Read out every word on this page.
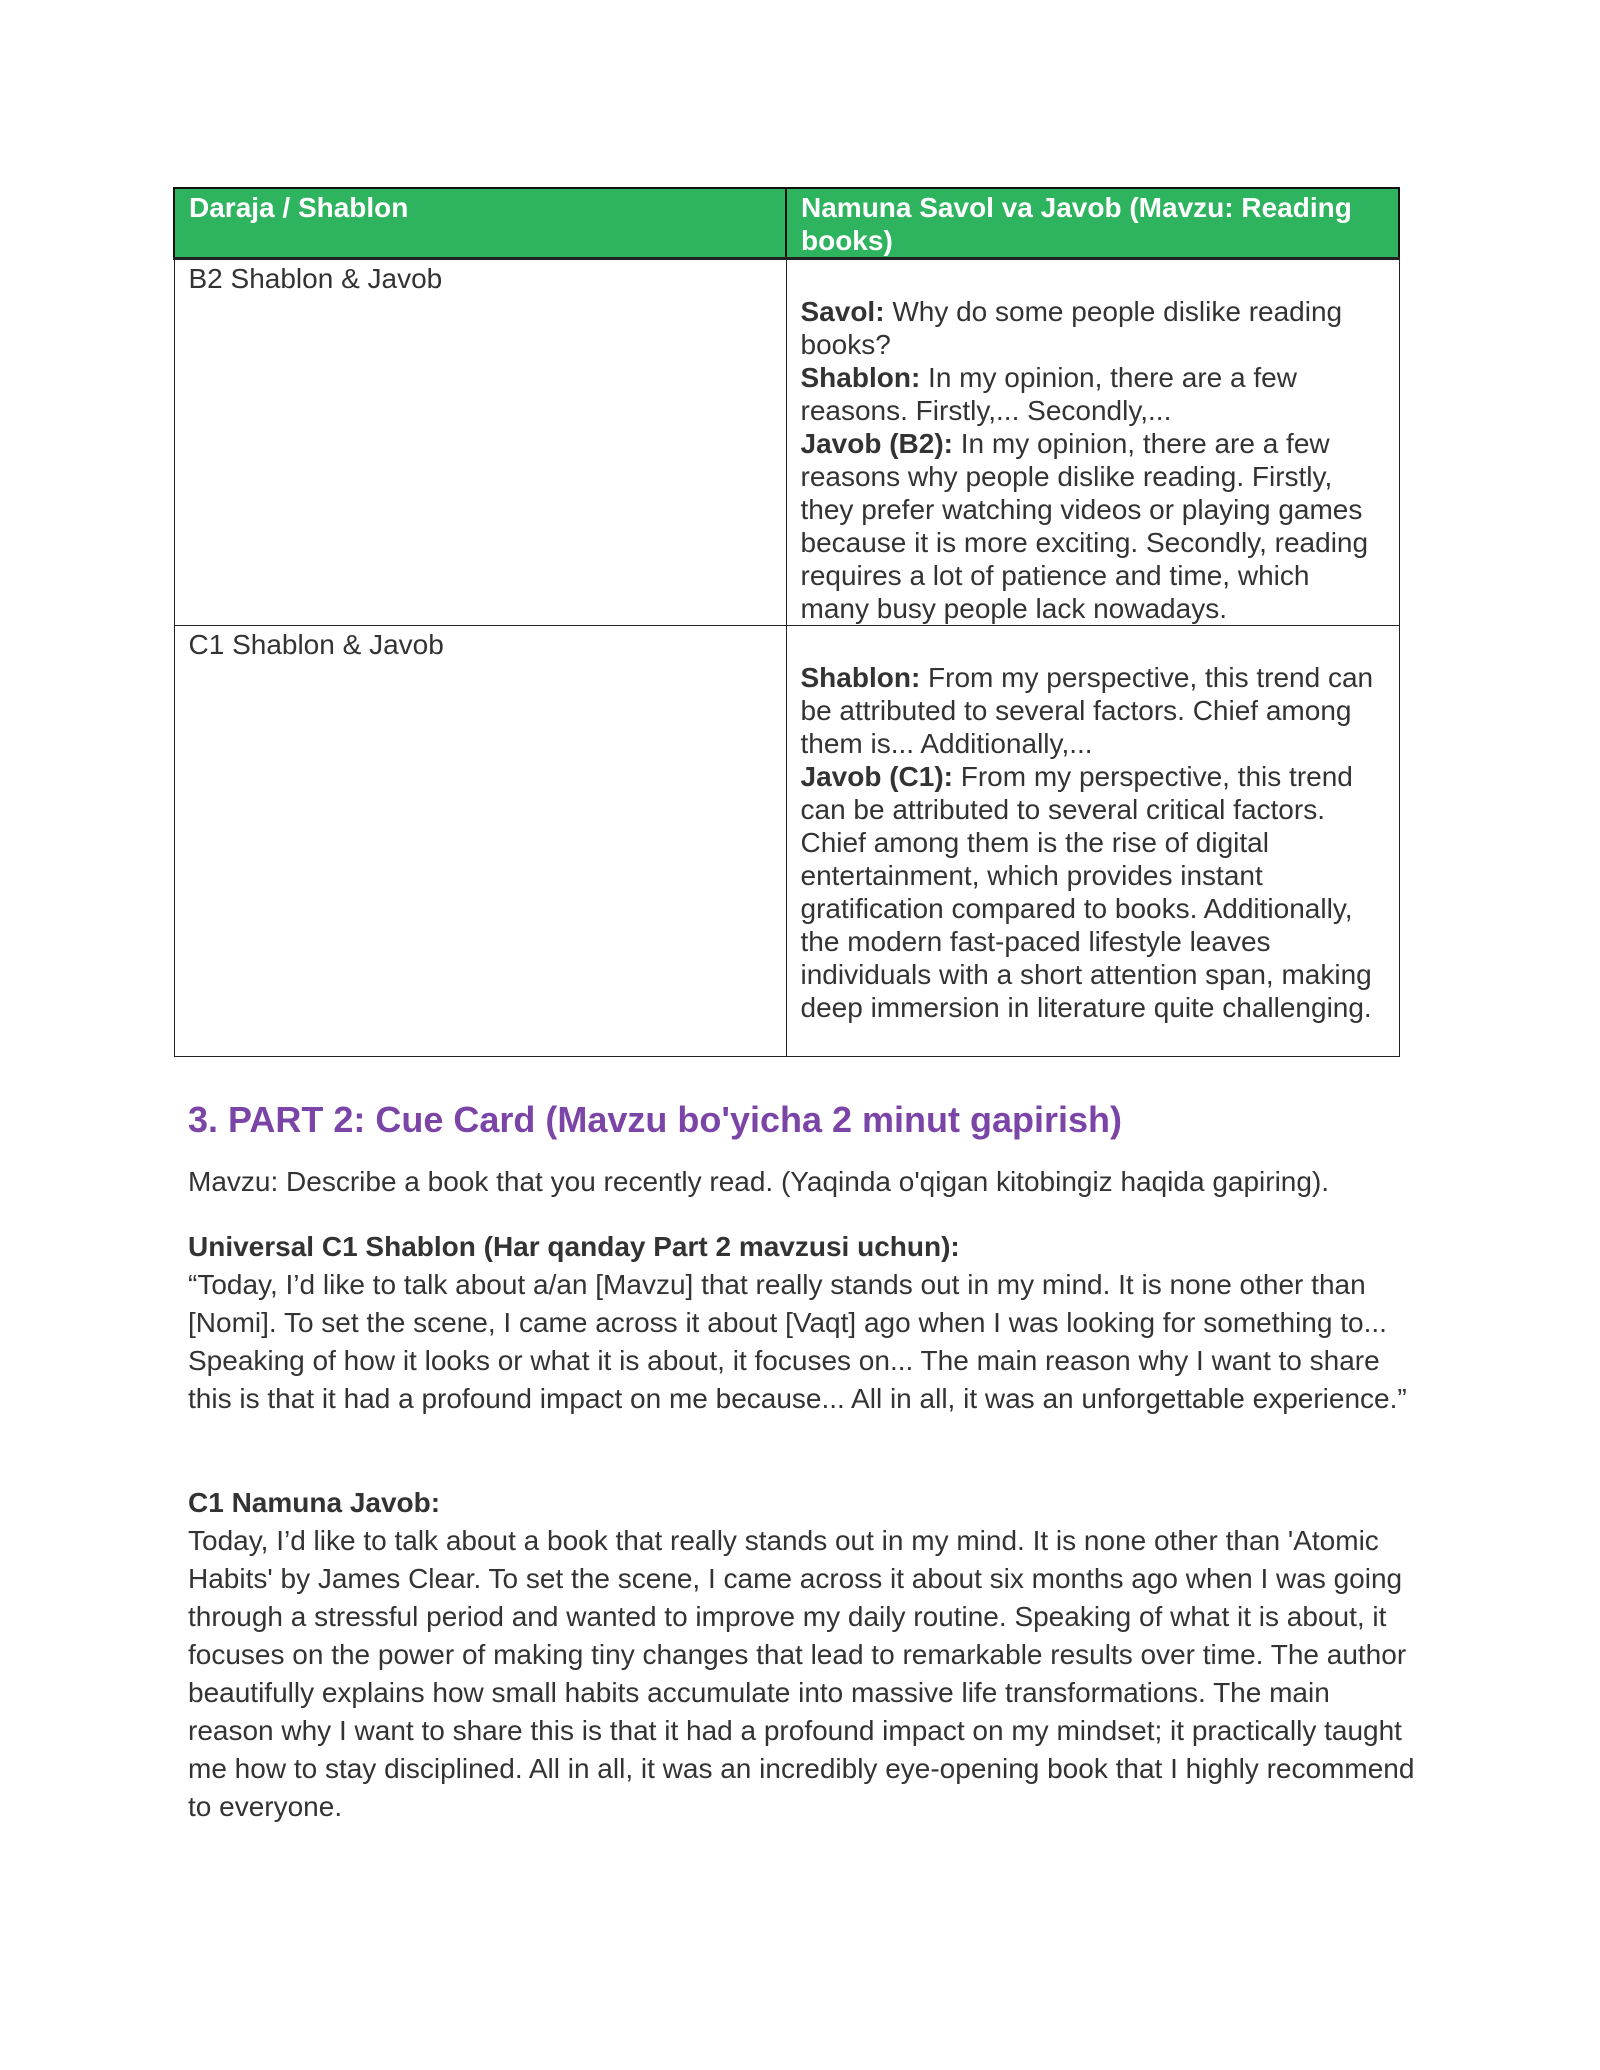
Daraja / Shablon	Namuna Savol va Javob (Mavzu: Reading books)
B2 Shablon & Javob	Savol: Why do some people dislike reading books?

Shablon: In my opinion, there are a few reasons. Firstly,... Secondly,...

Javob (B2): In my opinion, there are a few reasons why people dislike reading. Firstly, they prefer watching videos or playing games because it is more exciting. Secondly, reading requires a lot of patience and time, which many busy people lack nowadays.

C1 Shablon & Javob	Shablon: From my perspective, this trend can be attributed to several factors. Chief among them is... Additionally,...

Javob (C1): From my perspective, this trend can be attributed to several critical factors. Chief among them is the rise of digital entertainment, which provides instant gratification compared to books. Additionally, the modern fast-paced lifestyle leaves individuals with a short attention span, making deep immersion in literature quite challenging.

3. PART 2: Cue Card (Mavzu bo'yicha 2 minut gapirish)

Mavzu: Describe a book that you recently read. (Yaqinda o'qigan kitobingiz haqida gapiring).

Universal C1 Shablon (Har qanday Part 2 mavzusi uchun):
“Today, I’d like to talk about a/an [Mavzu] that really stands out in my mind. It is none other than [Nomi]. To set the scene, I came across it about [Vaqt] ago when I was looking for something to... Speaking of how it looks or what it is about, it focuses on... The main reason why I want to share this is that it had a profound impact on me because... All in all, it was an unforgettable experience.”
C1 Namuna Javob:
Today, I’d like to talk about a book that really stands out in my mind. It is none other than 'Atomic Habits' by James Clear. To set the scene, I came across it about six months ago when I was going through a stressful period and wanted to improve my daily routine. Speaking of what it is about, it focuses on the power of making tiny changes that lead to remarkable results over time. The author beautifully explains how small habits accumulate into massive life transformations. The main reason why I want to share this is that it had a profound impact on my mindset; it practically taught me how to stay disciplined. All in all, it was an incredibly eye-opening book that I highly recommend to everyone.
